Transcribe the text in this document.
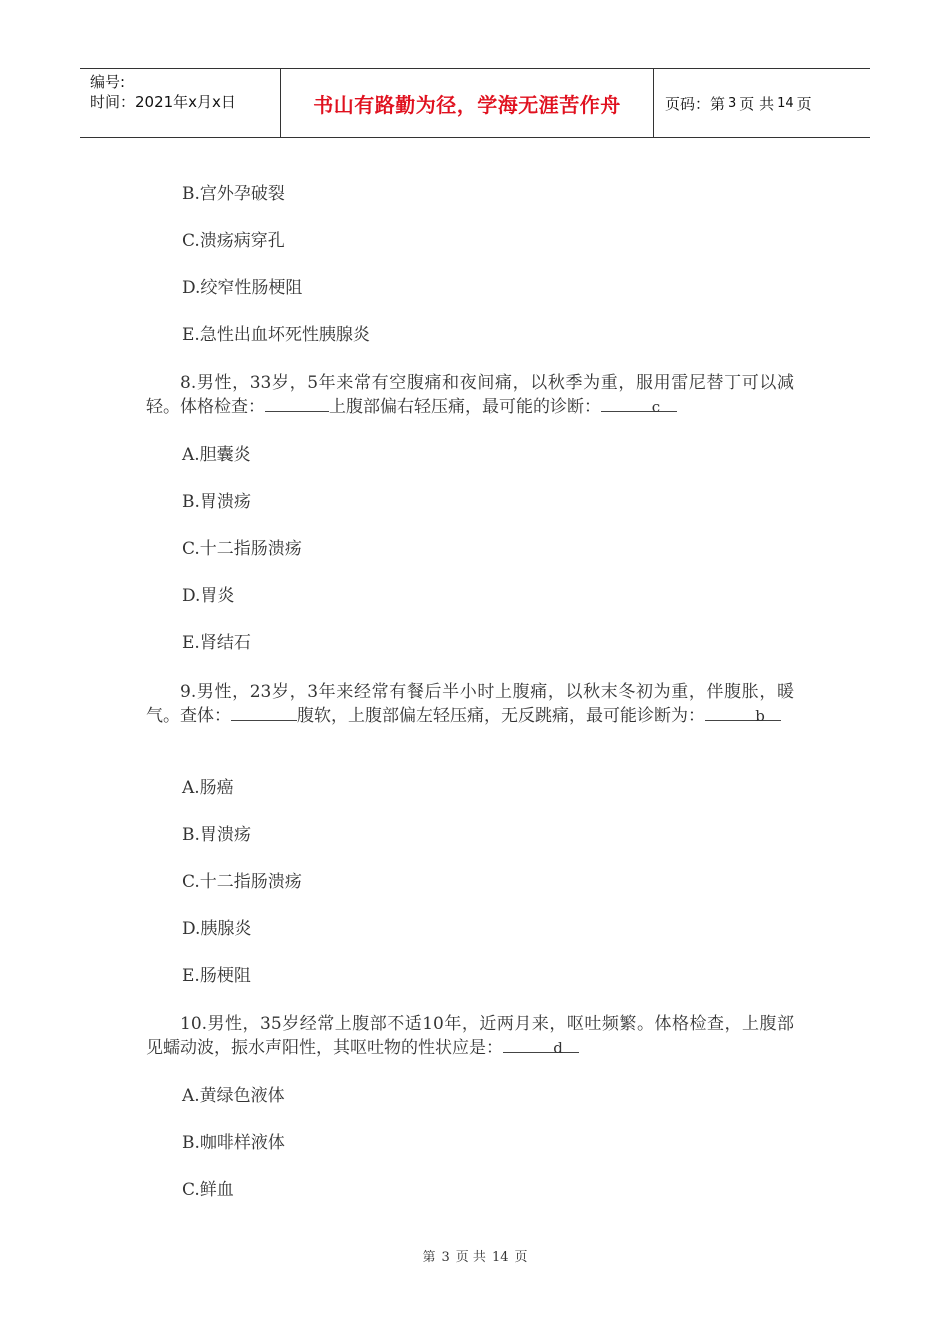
编号:
时间：2021年x月x日	书山有路勤为径，学海无涯苦作舟	页码：第 3 页 共 14 页
B.宫外孕破裂
C.溃疡病穿孔
D.绞窄性肠梗阻
E.急性出血坏死性胰腺炎
8.男性，33岁，5年来常有空腹痛和夜间痛，以秋季为重，服用雷尼替丁可以减轻。体格检查：	上腹部偏右轻压痛，最可能的诊断：	c
A.胆囊炎
B.胃溃疡
C.十二指肠溃疡
D.胃炎
E.肾结石
9.男性，23岁，3年来经常有餐后半小时上腹痛，以秋末冬初为重，伴腹胀，暖气。查体：	腹软，上腹部偏左轻压痛，无反跳痛，最可能诊断为：	b
A.肠癌
B.胃溃疡
C.十二指肠溃疡
D.胰腺炎
E.肠梗阻
10.男性，35岁经常上腹部不适10年，近两月来，呕吐频繁。体格检查，上腹部见蠕动波，振水声阳性，其呕吐物的性状应是：	d
A.黄绿色液体
B.咖啡样液体
C.鲜血
第 3 页 共 14 页
